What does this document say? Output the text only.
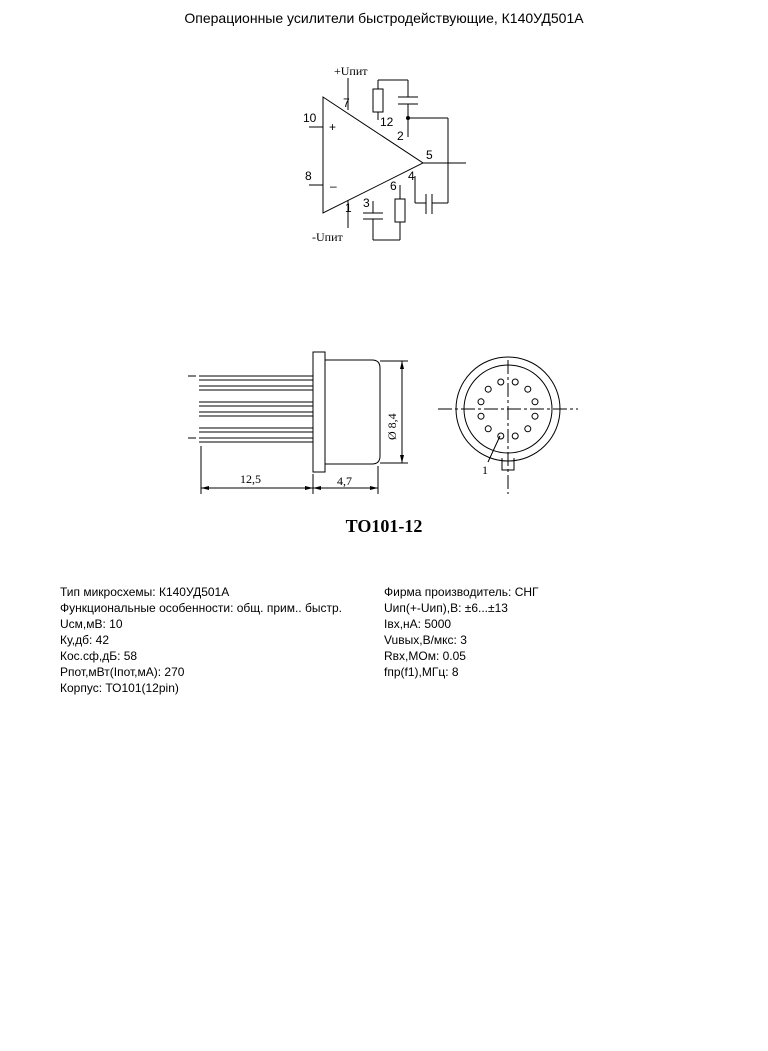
Операционные усилители быстродействующие, К140УД501А
+Uпит
-Uпит
7
10
+	12
2
5
8
–	6
4
1 3
12,5	4,7
Ø 8,4
1
ТО101-12
Тип микросхемы: К140УД501А
Функциональные особенности: общ. прим.. быстр.
Uсм,мВ: 10
Ку,дб: 42
Кос.сф,дБ: 58
Рпот,мВт(Iпот,мА): 270
Корпус: ТО101(12pin)
Фирма производитель: СНГ
Uип(+-Uип),В: ±6...±13
Iвх,нА: 5000
Vuвых,В/мкс: 3
Rвх,МОм: 0.05
fпр(f1),МГц: 8
